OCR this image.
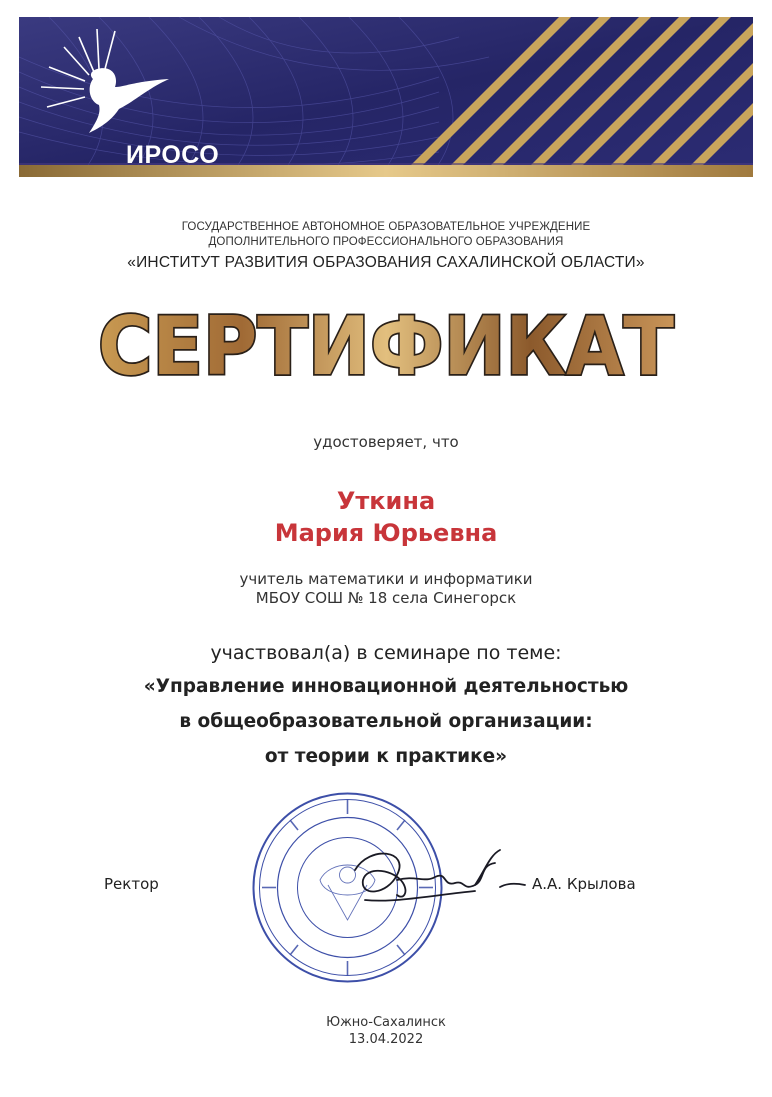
ИРОСО
ГОСУДАРСТВЕННОЕ АВТОНОМНОЕ ОБРАЗОВАТЕЛЬНОЕ УЧРЕЖДЕНИЕ
ДОПОЛНИТЕЛЬНОГО ПРОФЕССИОНАЛЬНОГО ОБРАЗОВАНИЯ
«ИНСТИТУТ РАЗВИТИЯ ОБРАЗОВАНИЯ САХАЛИНСКОЙ ОБЛАСТИ»
СЕРТИФИКАТ
удостоверяет, что
Уткина
Мария Юрьевна
учитель математики и информатики
МБОУ СОШ № 18 села Синегорск
участвовал(а) в семинаре по теме:
«Управление инновационной деятельностью
в общеобразовательной организации:
от теории к практике»
Ректор	А.А. Крылова
Южно-Сахалинск
13.04.2022
